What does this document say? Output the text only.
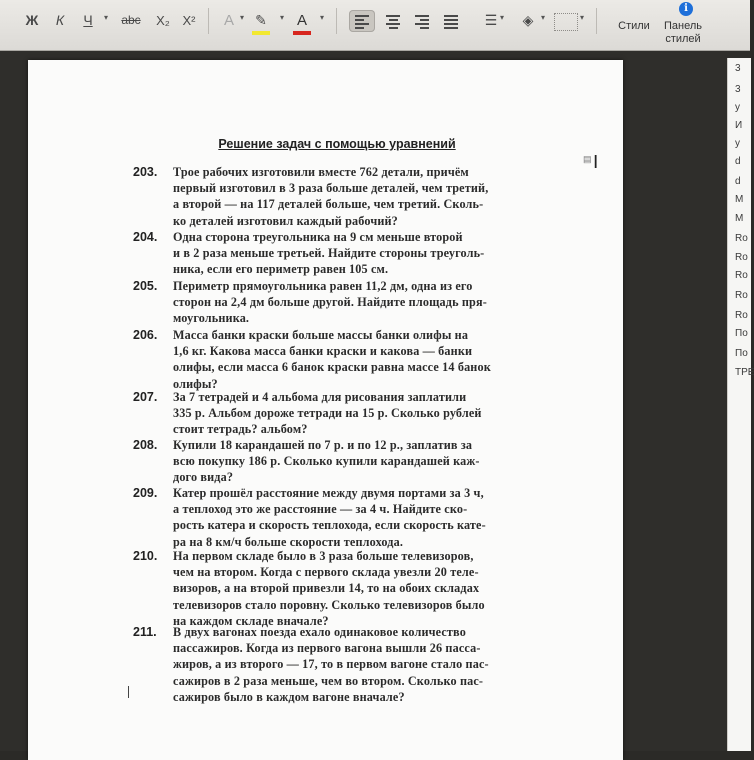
Ж	К	Ч	▾	abc	X₂ X²	A ▾ ✎	▾ A	▾	☰ ▾	◈ ▾	▾
Стили
i
Панель стилей
3
3
у
И
у
d
d
М
М
Ro
Ro
Ro
Ro
Ro
По
По
ТРЕ
Решение задач с помощью уравнений
203.	Трое рабочих изготовили вместе 762 детали, причём
первый изготовил в 3 раза больше деталей, чем третий,
а второй — на 117 деталей больше, чем третий. Сколь-
ко деталей изготовил каждый рабочий?
204.	Одна сторона треугольника на 9 см меньше второй
и в 2 раза меньше третьей. Найдите стороны треуголь-
ника, если его периметр равен 105 см.
205.	Периметр прямоугольника равен 11,2 дм, одна из его
сторон на 2,4 дм больше другой. Найдите площадь пря-
моугольника.
206.	Масса банки краски больше массы банки олифы на
1,6 кг. Какова масса банки краски и какова — банки
олифы, если масса 6 банок краски равна массе 14 банок
олифы?
207.	За 7 тетрадей и 4 альбома для рисования заплатили
335 р. Альбом дороже тетради на 15 р. Сколько рублей
стоит тетрадь? альбом?
208.	Купили 18 карандашей по 7 р. и по 12 р., заплатив за
всю покупку 186 р. Сколько купили карандашей каж-
дого вида?
209.	Катер прошёл расстояние между двумя портами за 3 ч,
а теплоход это же расстояние — за 4 ч. Найдите ско-
рость катера и скорость теплохода, если скорость кате-
ра на 8 км/ч больше скорости теплохода.
210.	На первом складе было в 3 раза больше телевизоров,
чем на втором. Когда с первого склада увезли 20 теле-
визоров, а на второй привезли 14, то на обоих складах
телевизоров стало поровну. Сколько телевизоров было
на каждом складе вначале?
211.	В двух вагонах поезда ехало одинаковое количество
пассажиров. Когда из первого вагона вышли 26 пасса-
жиров, а из второго — 17, то в первом вагоне стало пас-
сажиров в 2 раза меньше, чем во втором. Сколько пас-
сажиров было в каждом вагоне вначале?
▤ I
